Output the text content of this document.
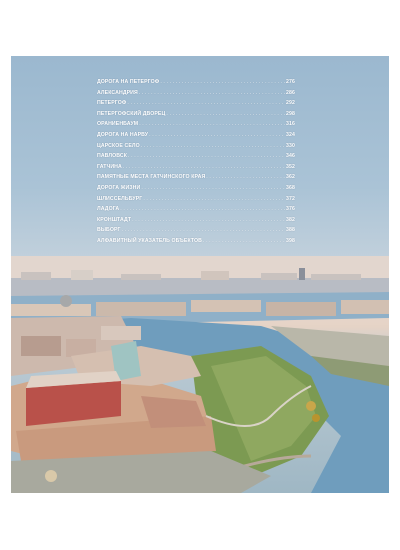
ДОРОГА НА ПЕТЕРГОФ . . .	276
АЛЕКСАНДРИЯ . . .	286
ПЕТЕРГОФ . . .	292
ПЕТЕРГОФСКИЙ ДВОРЕЦ . . .	298
ОРАНИЕНБАУМ . . .	316
ДОРОГА НА НАРВУ . . .	324
ЦАРСКОЕ СЕЛО . . .	330
ПАВЛОВСК . . .	346
ГАТЧИНА . . .	352
ПАМЯТНЫЕ МЕСТА ГАТЧИНСКОГО КРАЯ . . .	362
ДОРОГА ЖИЗНИ . . .	368
ШЛИССЕЛЬБУРГ . . .	372
ЛАДОГА . . .	376
КРОНШТАДТ . . .	382
ВЫБОРГ . . .	388
АЛФАВИТНЫЙ УКАЗАТЕЛЬ ОБЪЕКТОВ . . .	398
